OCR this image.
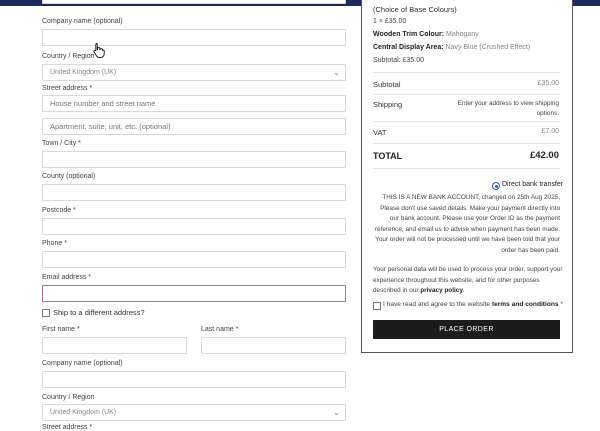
Company name (optional)
Country / Region
United Kingdom (UK)	⌄
Street address *
House number and street name
Apartment, suite, unit, etc. (optional)
Town / City *
County (optional)
Postcode *
Phone *
Email address *
Ship to a different address?
First name *	Last name *
Company name (optional)
Country / Region
United Kingdom (UK)	⌄
Street address *
(Choice of Base Colours)
1 × £35.00
Wooden Trim Colour: Mahogany
Central Display Area: Navy Blue (Crushed Effect)
Subtotal: £35.00
Subtotal	£35.00
Shipping	Enter your address to view shipping options.
VAT	£7.00
TOTAL	£42.00
Direct bank transfer
THIS IS A NEW BANK ACCOUNT, changed on 25th Aug 2025, Please don't use saved details. Make your payment directly into our bank account. Please use your Order ID as the payment reference, and email us to advise when payment has been made. Your order will not be processed until we have been told that your order has been paid.
Your personal data will be used to process your order, support your experience throughout this website, and for other purposes described in our privacy policy.
I have read and agree to the website terms and conditions *
PLACE ORDER
